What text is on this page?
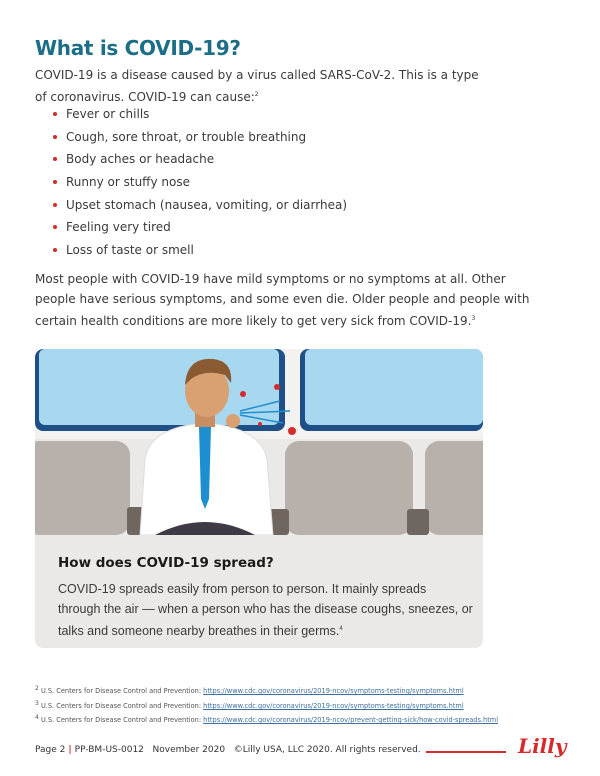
What is COVID-19?
COVID-19 is a disease caused by a virus called SARS-CoV-2. This is a type
of coronavirus. COVID-19 can cause:$^2$
Fever or chills
Cough, sore throat, or trouble breathing
Body aches or headache
Runny or stuffy nose
Upset stomach (nausea, vomiting, or diarrhea)
Feeling very tired
Loss of taste or smell
Most people with COVID-19 have mild symptoms or no symptoms at all. Other
people have serious symptoms, and some even die. Older people and people with
certain health conditions are more likely to get very sick from COVID-19.$^3$
How does COVID-19 spread?
COVID-19 spreads easily from person to person. It mainly spreads
through the air — when a person who has the disease coughs, sneezes, or
talks and someone nearby breathes in their germs.$^4$
$^2$ U.S. Centers for Disease Control and Prevention: https://www.cdc.gov/coronavirus/2019-ncov/symptoms-testing/symptoms.html
$^3$ U.S. Centers for Disease Control and Prevention: https://www.cdc.gov/coronavirus/2019-ncov/symptoms-testing/symptoms.html
$^4$ U.S. Centers for Disease Control and Prevention: https://www.cdc.gov/coronavirus/2019-ncov/prevent-getting-sick/how-covid-spreads.html
Page 2 | PP-BM-US-0012 November 2020 ©Lilly USA, LLC 2020. All rights reserved.	Lilly
